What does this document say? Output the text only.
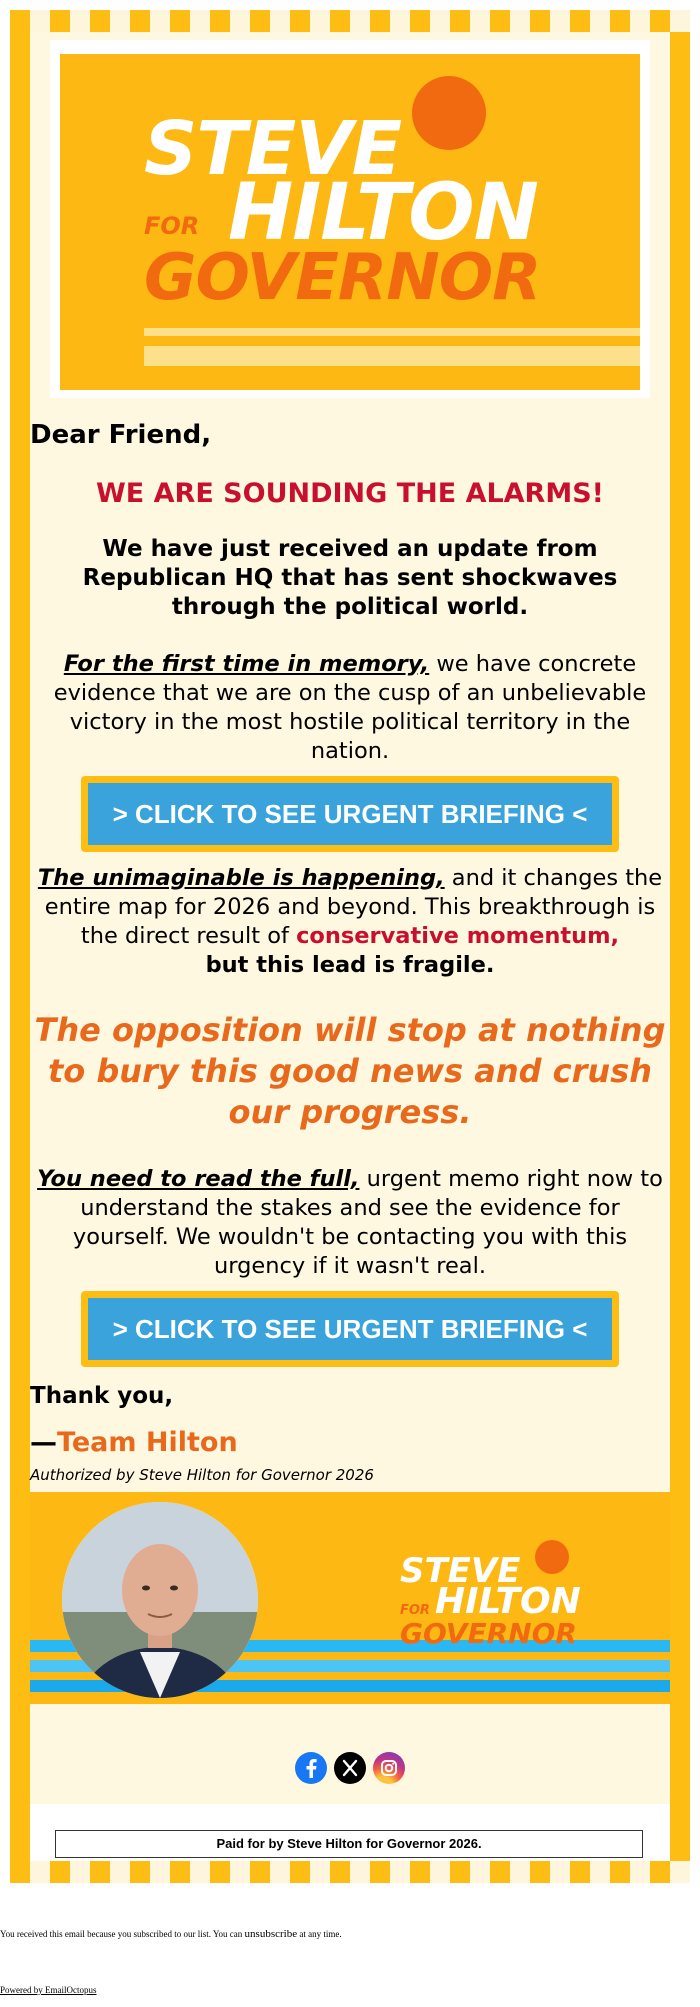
STEVE
HILTON
FOR
GOVERNOR

Dear Friend,

WE ARE SOUNDING THE ALARMS!

We have just received an update from Republican HQ that has sent shockwaves through the political world.

For the first time in memory, we have concrete evidence that we are on the cusp of an unbelievable victory in the most hostile political territory in the nation.

> CLICK TO SEE URGENT BRIEFING <

The unimaginable is happening, and it changes the entire map for 2026 and beyond. This breakthrough is the direct result of conservative momentum,
but this lead is fragile.

The opposition will stop at nothing to bury this good news and crush our progress.

You need to read the full, urgent memo right now to understand the stakes and see the evidence for yourself. We wouldn't be contacting you with this urgency if it wasn't real.

> CLICK TO SEE URGENT BRIEFING <

Thank you,

—Team Hilton

Authorized by Steve Hilton for Governor 2026

STEVE
HILTON
FOR
GOVERNOR

Paid for by Steve Hilton for Governor 2026.
You received this email because you subscribed to our list. You can unsubscribe at any time.
Powered by EmailOctopus
